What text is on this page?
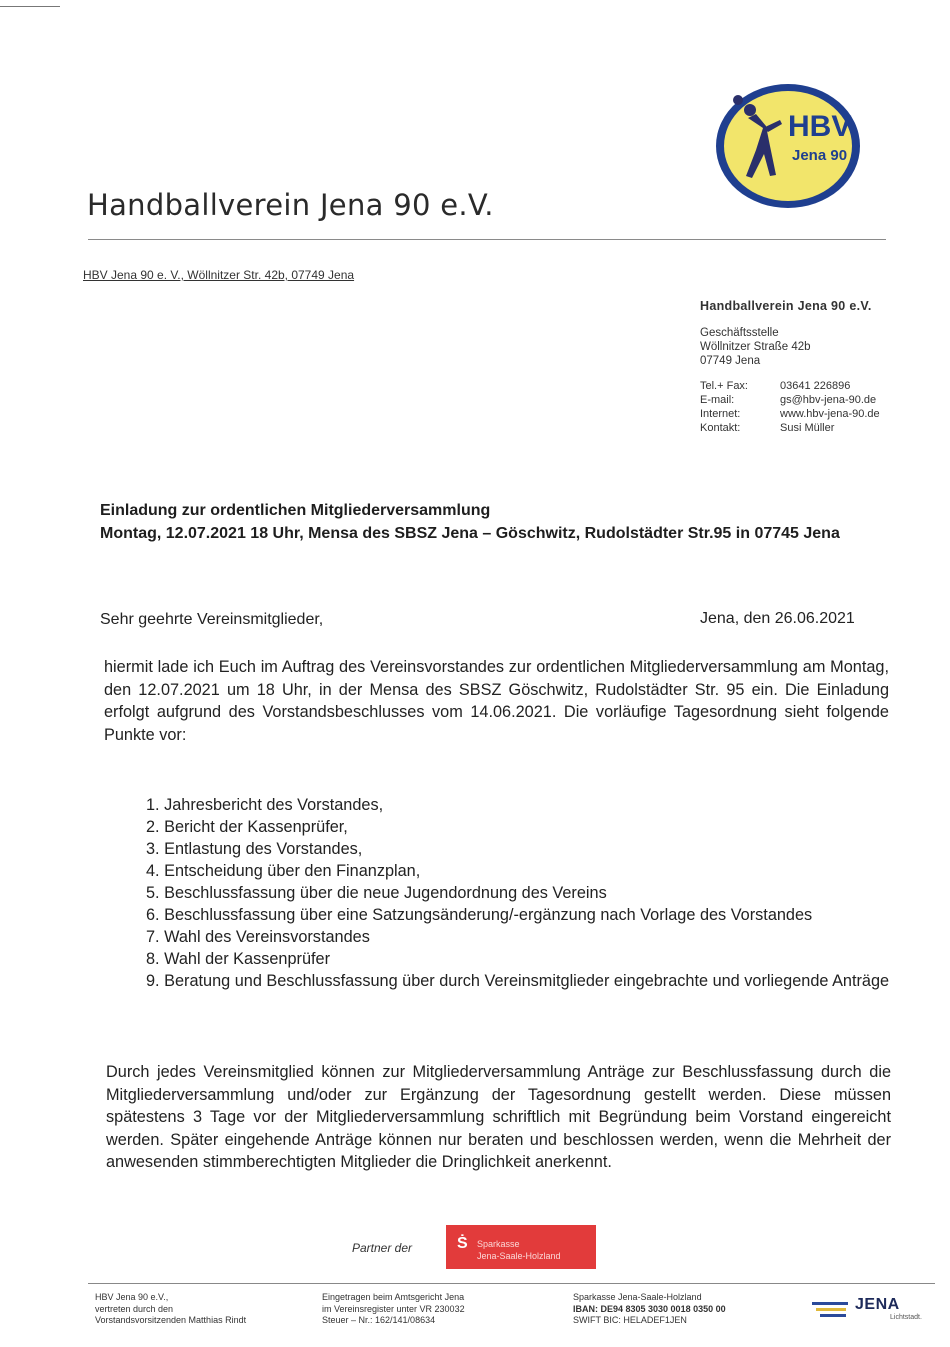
Handballverein Jena 90 e.V.
HBV Jena 90 e. V., Wöllnitzer Str. 42b, 07749 Jena
HBV
Jena 90
Handballverein Jena 90 e.V.
Geschäftsstelle
Wöllnitzer Straße 42b
07749 Jena
Tel.+ Fax:	03641 226896
E-mail:	gs@hbv-jena-90.de
Internet:	www.hbv-jena-90.de
Kontakt:	Susi Müller
Einladung zur ordentlichen Mitgliederversammlung
Montag, 12.07.2021 18 Uhr, Mensa des SBSZ Jena – Göschwitz, Rudolstädter Str.95 in 07745 Jena
Sehr geehrte Vereinsmitglieder,	Jena, den 26.06.2021
hiermit lade ich Euch im Auftrag des Vereinsvorstandes zur ordentlichen Mitgliederversammlung am Montag, den 12.07.2021 um 18 Uhr, in der Mensa des SBSZ Göschwitz, Rudolstädter Str. 95 ein. Die Einladung erfolgt aufgrund des Vorstandsbeschlusses vom 14.06.2021. Die vorläufige Tagesordnung sieht folgende Punkte vor:
1. Jahresbericht des Vorstandes,
2. Bericht der Kassenprüfer,
3. Entlastung des Vorstandes,
4. Entscheidung über den Finanzplan,
5. Beschlussfassung über die neue Jugendordnung des Vereins
6. Beschlussfassung über eine Satzungsänderung/-ergänzung nach Vorlage des Vorstandes
7. Wahl des Vereinsvorstandes
8. Wahl der Kassenprüfer
9. Beratung und Beschlussfassung über durch Vereinsmitglieder eingebrachte und vorliegende Anträge
Durch jedes Vereinsmitglied können zur Mitgliederversammlung Anträge zur Beschlussfassung durch die Mitgliederversammlung und/oder zur Ergänzung der Tagesordnung gestellt werden. Diese müssen spätestens 3 Tage vor der Mitgliederversammlung schriftlich mit Begründung beim Vorstand eingereicht werden. Später eingehende Anträge können nur beraten und beschlossen werden, wenn die Mehrheit der anwesenden stimmberechtigten Mitglieder die Dringlichkeit anerkennt.
Partner der	Ṡ Sparkasse
Jena-Saale-Holzland
HBV Jena 90 e.V.,
vertreten durch den
Vorstandsvorsitzenden Matthias Rindt
Eingetragen beim Amtsgericht Jena
im Vereinsregister unter VR 230032
Steuer – Nr.: 162/141/08634
Sparkasse Jena-Saale-Holzland
IBAN: DE94 8305 3030 0018 0350 00
SWIFT BIC: HELADEF1JEN
JENA
Lichtstadt.
